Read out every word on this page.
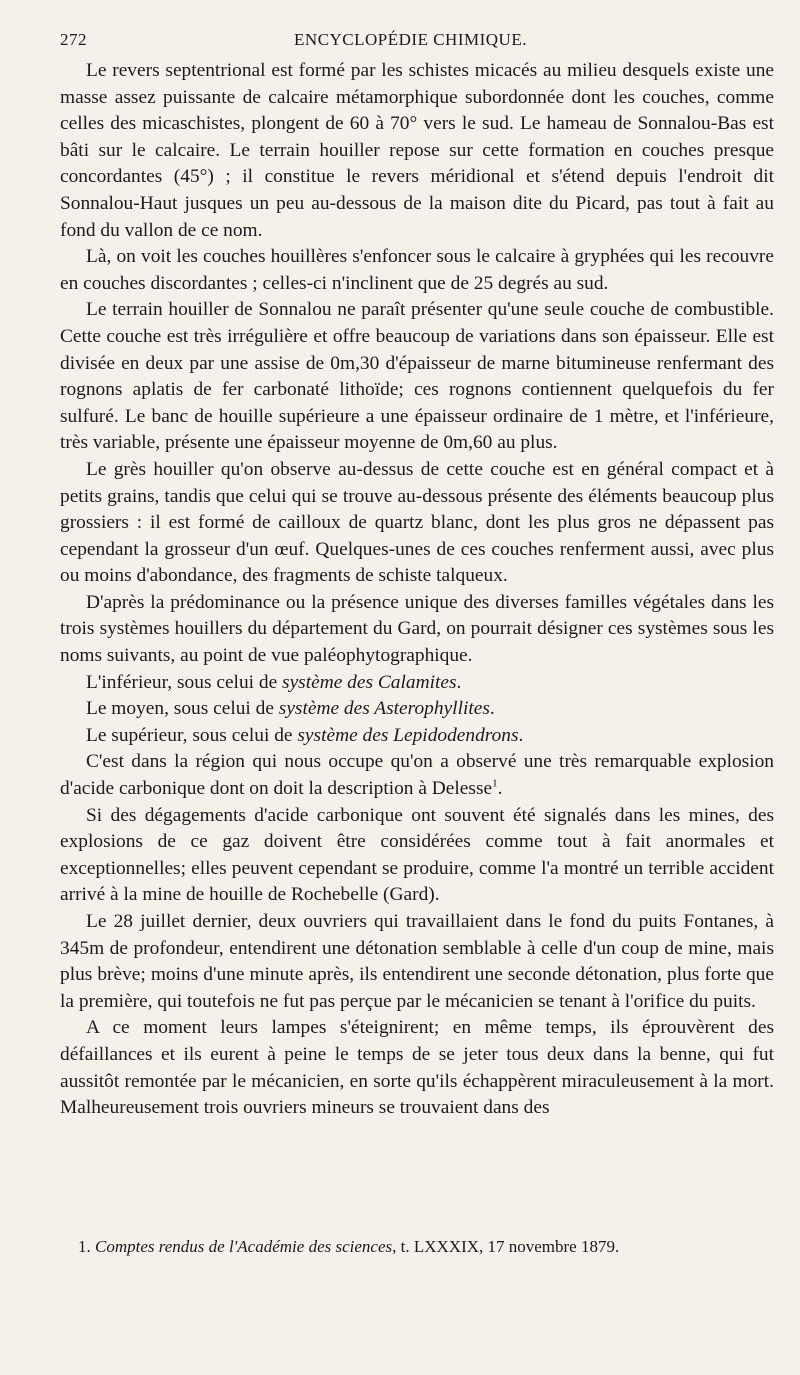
272	ENCYCLOPÉDIE CHIMIQUE.

Le revers septentrional est formé par les schistes micacés au milieu desquels existe une masse assez puissante de calcaire métamorphique subordonnée dont les couches, comme celles des micaschistes, plongent de 60 à 70° vers le sud. Le hameau de Sonnalou-Bas est bâti sur le calcaire. Le terrain houiller repose sur cette formation en couches presque concordantes (45°) ; il constitue le revers méridional et s'étend depuis l'endroit dit Sonnalou-Haut jusques un peu au-dessous de la maison dite du Picard, pas tout à fait au fond du vallon de ce nom.

Là, on voit les couches houillères s'enfoncer sous le calcaire à gryphées qui les recouvre en couches discordantes ; celles-ci n'inclinent que de 25 degrés au sud.

Le terrain houiller de Sonnalou ne paraît présenter qu'une seule couche de combustible. Cette couche est très irrégulière et offre beaucoup de variations dans son épaisseur. Elle est divisée en deux par une assise de 0m,30 d'épaisseur de marne bitumineuse renfermant des rognons aplatis de fer carbonaté lithoïde; ces rognons contiennent quelquefois du fer sulfuré. Le banc de houille supérieure a une épaisseur ordinaire de 1 mètre, et l'inférieure, très variable, présente une épaisseur moyenne de 0m,60 au plus.

Le grès houiller qu'on observe au-dessus de cette couche est en général compact et à petits grains, tandis que celui qui se trouve au-dessous présente des éléments beaucoup plus grossiers : il est formé de cailloux de quartz blanc, dont les plus gros ne dépassent pas cependant la grosseur d'un œuf. Quelques-unes de ces couches renferment aussi, avec plus ou moins d'abondance, des fragments de schiste talqueux.

D'après la prédominance ou la présence unique des diverses familles végétales dans les trois systèmes houillers du département du Gard, on pourrait désigner ces systèmes sous les noms suivants, au point de vue paléophytographique.

L'inférieur, sous celui de système des Calamites.

Le moyen, sous celui de système des Asterophyllites.

Le supérieur, sous celui de système des Lepidodendrons.

C'est dans la région qui nous occupe qu'on a observé une très remarquable explosion d'acide carbonique dont on doit la description à Delesse$^1$.

Si des dégagements d'acide carbonique ont souvent été signalés dans les mines, des explosions de ce gaz doivent être considérées comme tout à fait anormales et exceptionnelles; elles peuvent cependant se produire, comme l'a montré un terrible accident arrivé à la mine de houille de Rochebelle (Gard).

Le 28 juillet dernier, deux ouvriers qui travaillaient dans le fond du puits Fontanes, à 345m de profondeur, entendirent une détonation semblable à celle d'un coup de mine, mais plus brève; moins d'une minute après, ils entendirent une seconde détonation, plus forte que la première, qui toutefois ne fut pas perçue par le mécanicien se tenant à l'orifice du puits.

A ce moment leurs lampes s'éteignirent; en même temps, ils éprouvèrent des défaillances et ils eurent à peine le temps de se jeter tous deux dans la benne, qui fut aussitôt remontée par le mécanicien, en sorte qu'ils échappèrent miraculeusement à la mort. Malheureusement trois ouvriers mineurs se trouvaient dans des

1. Comptes rendus de l'Académie des sciences, t. LXXXIX, 17 novembre 1879.
